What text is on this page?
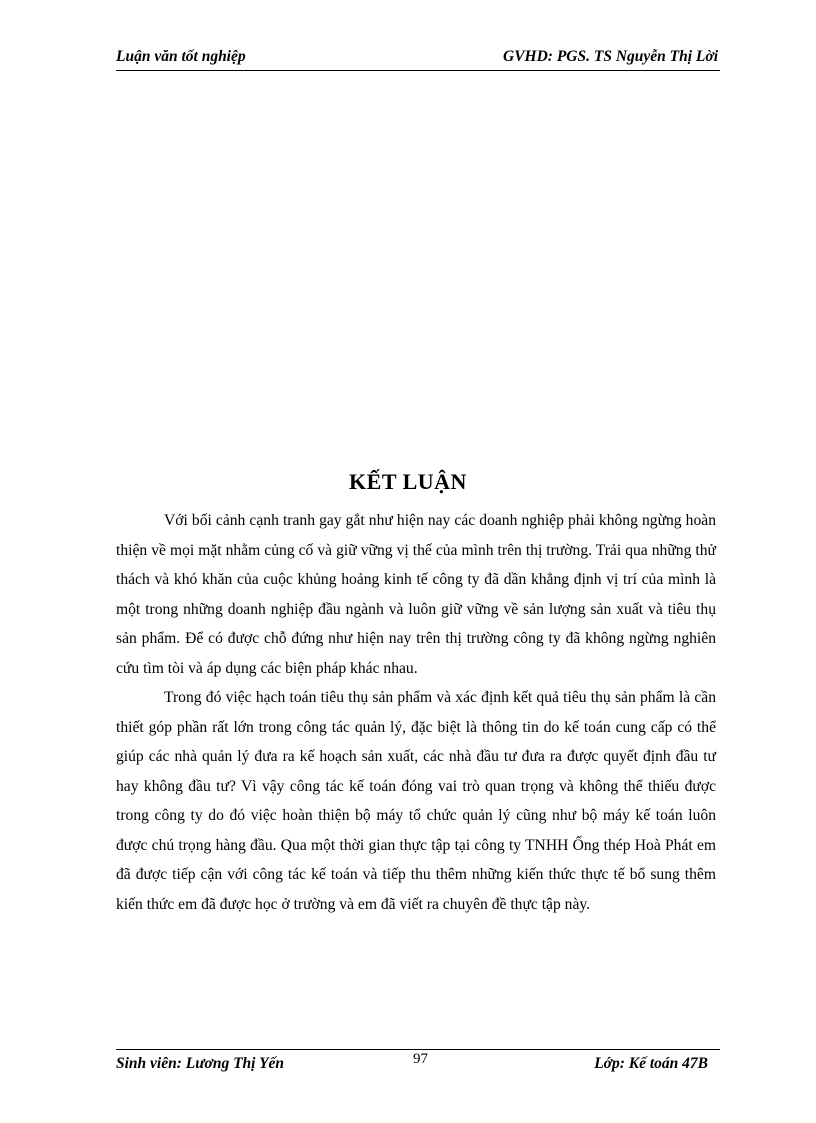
Luận văn tốt nghiệp	GVHD: PGS. TS Nguyễn Thị Lời
KẾT LUẬN

Với bối cảnh cạnh tranh gay gắt như hiện nay các doanh nghiệp phải không ngừng hoàn thiện về mọi mặt nhằm củng cố và giữ vững vị thế của mình trên thị trường. Trải qua những thử thách và khó khăn của cuộc khủng hoảng kinh tế công ty đã dần khẳng định vị trí của mình là một trong những doanh nghiệp đầu ngành và luôn giữ vững về sản lượng sản xuất và tiêu thụ sản phẩm. Để có được chỗ đứng như hiện nay trên thị trường công ty đã không ngừng nghiên cứu tìm tòi và áp dụng các biện pháp khác nhau.

Trong đó việc hạch toán tiêu thụ sản phẩm và xác định kết quả tiêu thụ sản phẩm là cần thiết góp phần rất lớn trong công tác quản lý, đặc biệt là thông tin do kế toán cung cấp có thể giúp các nhà quản lý đưa ra kế hoạch sản xuất, các nhà đầu tư đưa ra được quyết định đầu tư hay không đầu tư? Vì vậy công tác kế toán đóng vai trò quan trọng và không thể thiếu được trong công ty do đó việc hoàn thiện bộ máy tổ chức quản lý cũng như bộ máy kế toán luôn được chú trọng hàng đầu. Qua một thời gian thực tập tại công ty TNHH Ống thép Hoà Phát em đã được tiếp cận với công tác kế toán và tiếp thu thêm những kiến thức thực tế bổ sung thêm kiến thức em đã được học ở trường và em đã viết ra chuyên đề thực tập này.

Sinh viên: Lương Thị Yến	97	Lớp: Kế toán 47B
